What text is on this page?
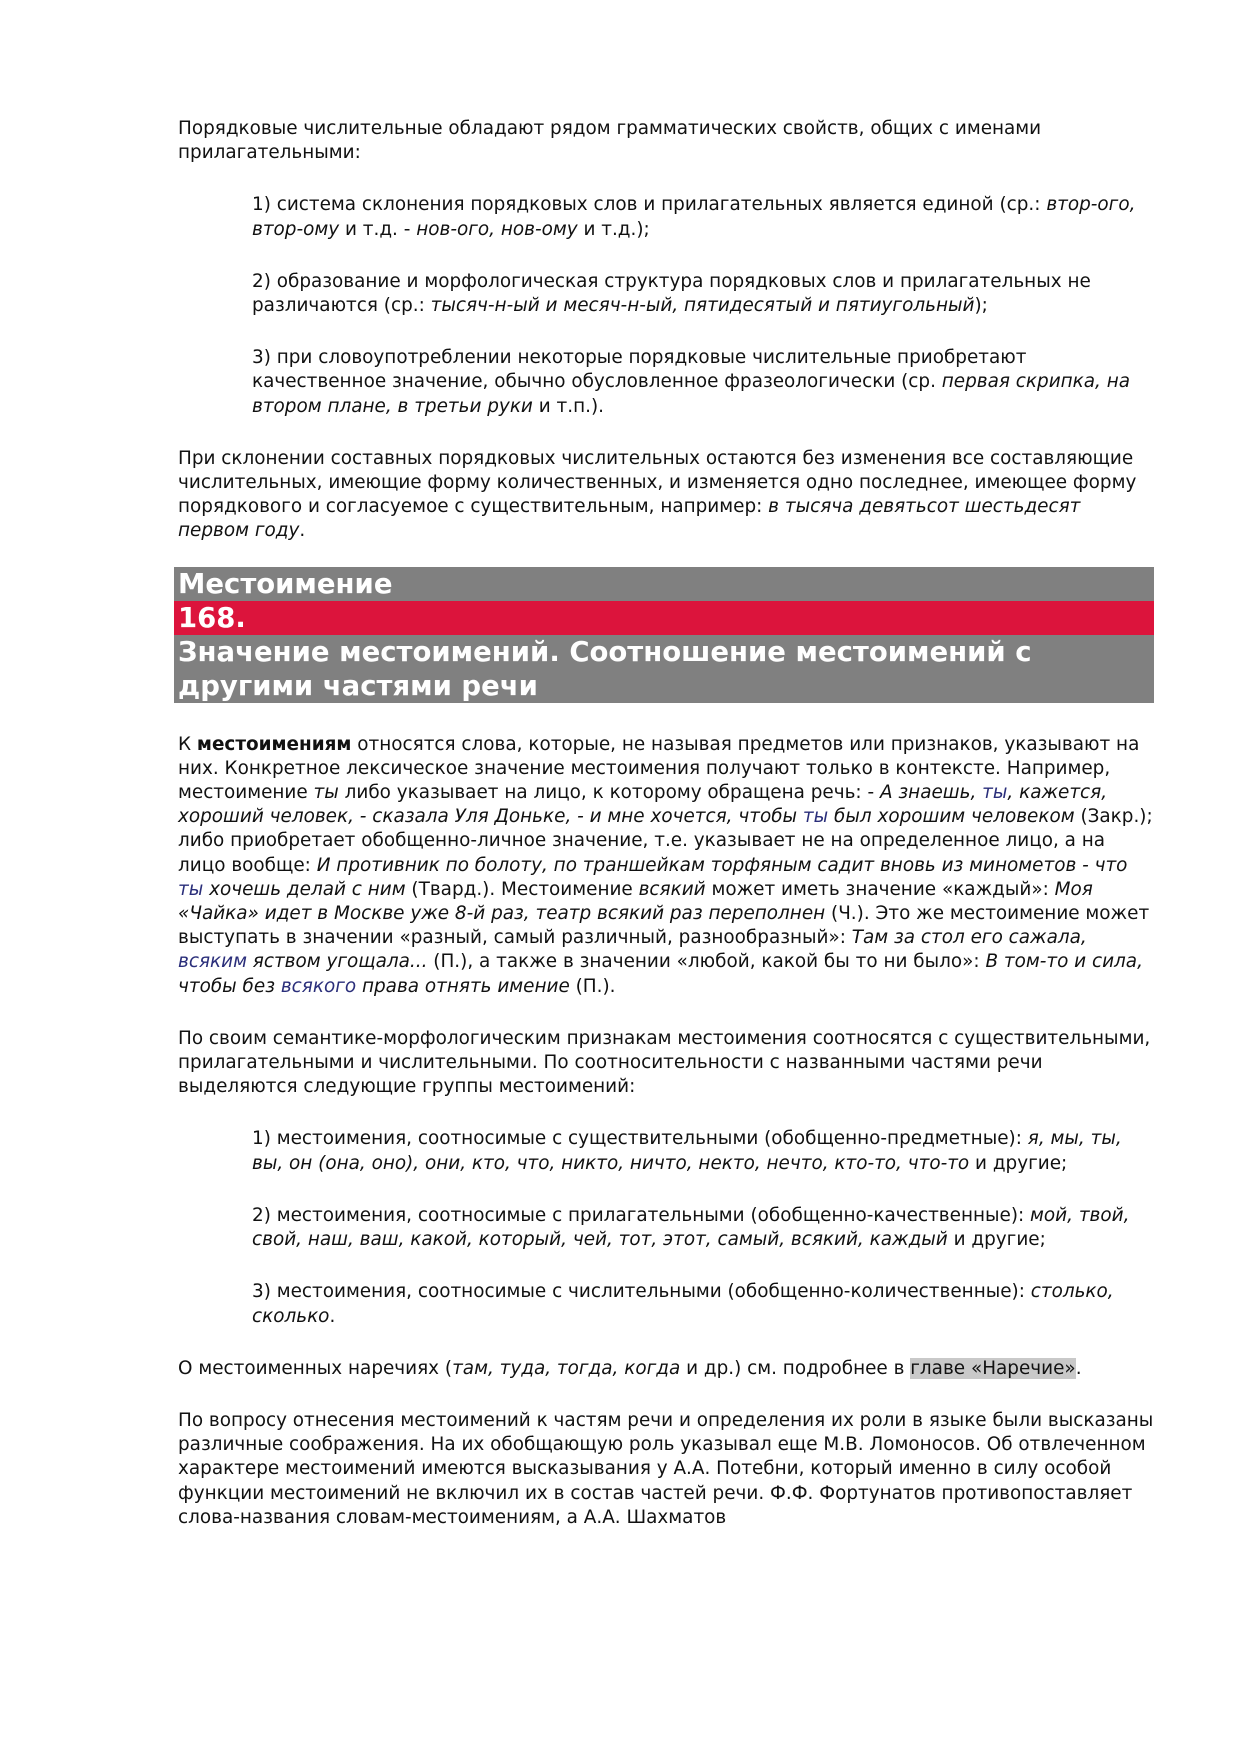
Порядковые числительные обладают рядом грамматических свойств, общих с именами прилагательными:

1) система склонения порядковых слов и прилагательных является единой (ср.: втор-ого, втор-ому и т.д. - нов-ого, нов-ому и т.д.);

2) образование и морфологическая структура порядковых слов и прилагательных не различаются (ср.: тысяч-н-ый и месяч-н-ый, пятидесятый и пятиугольный);

3) при словоупотреблении некоторые порядковые числительные приобретают качественное значение, обычно обусловленное фразеологически (ср. первая скрипка, на втором плане, в третьи руки и т.п.).

При склонении составных порядковых числительных остаются без изменения все составляющие числительных, имеющие форму количественных, и изменяется одно последнее, имеющее форму порядкового и согласуемое с существительным, например: в тысяча девятьсот шестьдесят первом году.

Местоимение
168.
Значение местоимений. Соотношение местоимений с другими частями речи

К местоимениям относятся слова, которые, не называя предметов или признаков, указывают на них. Конкретное лексическое значение местоимения получают только в контексте. Например, местоимение ты либо указывает на лицо, к которому обращена речь: - А знаешь, ты, кажется, хороший человек, - сказала Уля Доньке, - и мне хочется, чтобы ты был хорошим человеком (Закр.); либо приобретает обобщенно-личное значение, т.е. указывает не на определенное лицо, а на лицо вообще: И противник по болоту, по траншейкам торфяным садит вновь из минометов - что ты хочешь делай с ним (Твард.). Местоимение всякий может иметь значение «каждый»: Моя «Чайка» идет в Москве уже 8-й раз, театр всякий раз переполнен (Ч.). Это же местоимение может выступать в значении «разный, самый различный, разнообразный»: Там за стол его сажала, всяким яством угощала... (П.), а также в значении «любой, какой бы то ни было»: В том-то и сила, чтобы без всякого права отнять имение (П.).

По своим семантике-морфологическим признакам местоимения соотносятся с существительными, прилагательными и числительными. По соотносительности с названными частями речи выделяются следующие группы местоимений:

1) местоимения, соотносимые с существительными (обобщенно-предметные): я, мы, ты, вы, он (она, оно), они, кто, что, никто, ничто, некто, нечто, кто-то, что-то и другие;

2) местоимения, соотносимые с прилагательными (обобщенно-качественные): мой, твой, свой, наш, ваш, какой, который, чей, тот, этот, самый, всякий, каждый и другие;

3) местоимения, соотносимые с числительными (обобщенно-количественные): столько, сколько.

О местоименных наречиях (там, туда, тогда, когда и др.) см. подробнее в главе «Наречие».

По вопросу отнесения местоимений к частям речи и определения их роли в языке были высказаны различные соображения. На их обобщающую роль указывал еще М.В. Ломоносов. Об отвлеченном характере местоимений имеются высказывания у А.А. Потебни, который именно в силу особой функции местоимений не включил их в состав частей речи. Ф.Ф. Фортунатов противопоставляет слова-названия словам-местоимениям, а А.А. Шахматов
